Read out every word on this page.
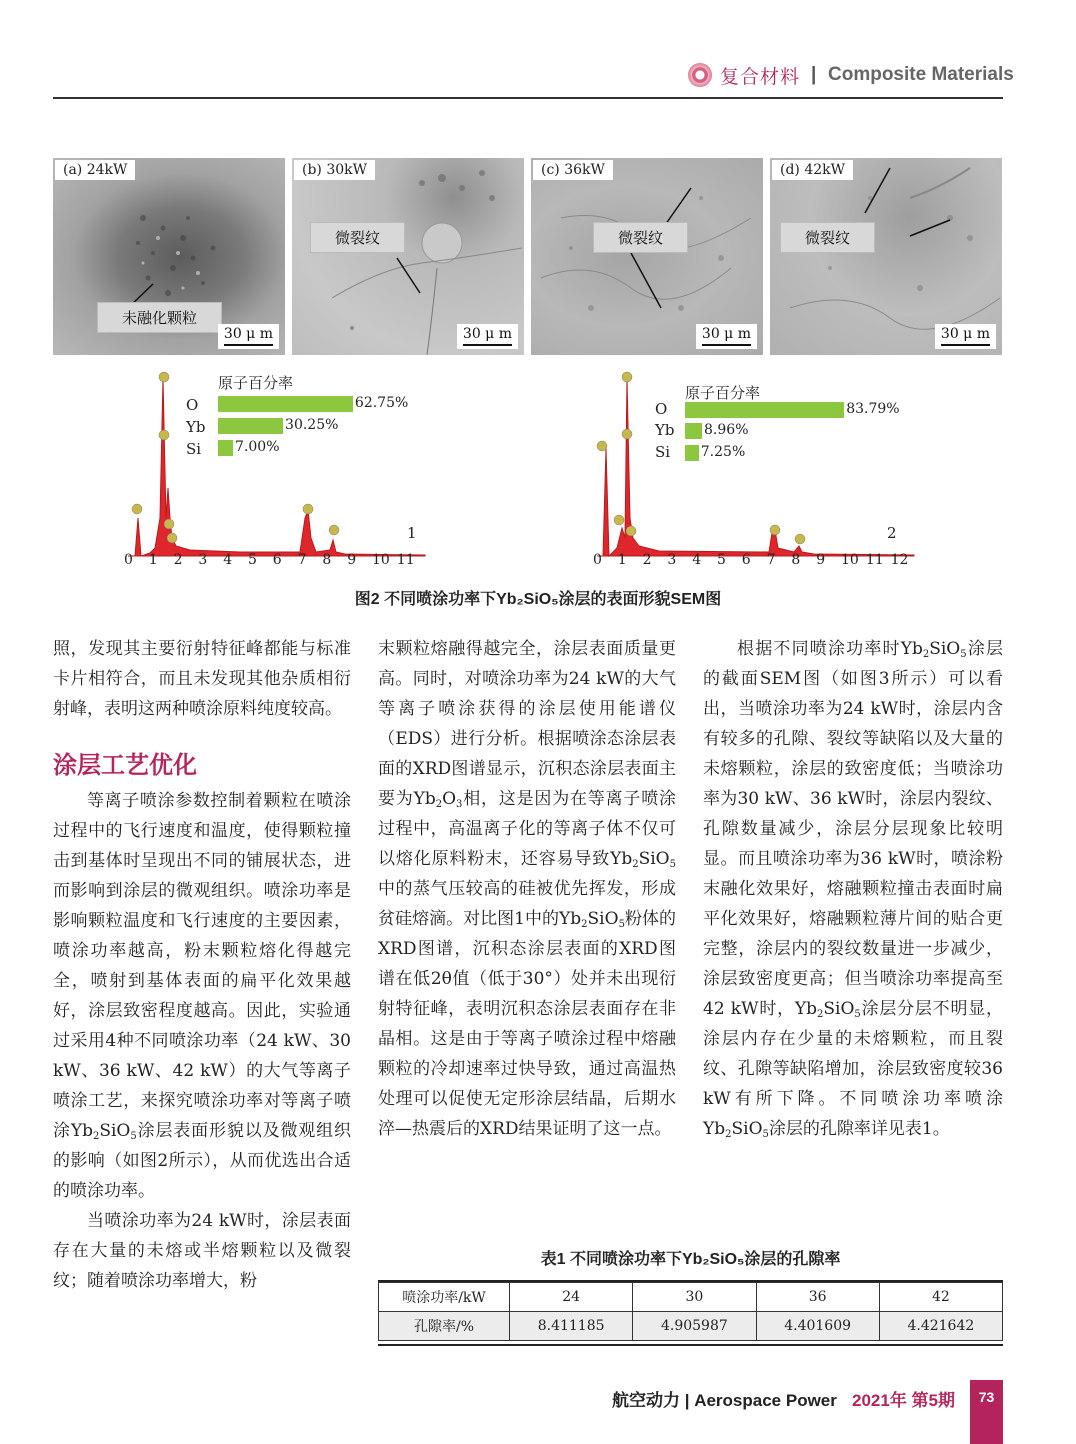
复合材料 | Composite Materials
(a) 24kW
未融化颗粒
30 μ m
(b) 30kW
微裂纹
30 μ m
(c) 36kW
微裂纹
30 μ m
(d) 42kW
微裂纹
30 μ m
原子百分率
O
Yb
Si
62.75%
30.25%
7.00%
1
0 1 2 3 4 5 6 7 8 9 10 11
原子百分率
O
Yb
Si
83.79%
8.96%
7.25%
2
0 1 2 3 4 5 6 7 8 9 10 11 12
图2 不同喷涂功率下Yb₂SiO₅涂层的表面形貌SEM图

照，发现其主要衍射特征峰都能与标准卡片相符合，而且未发现其他杂质相衍射峰，表明这两种喷涂原料纯度较高。

涂层工艺优化

等离子喷涂参数控制着颗粒在喷涂过程中的飞行速度和温度，使得颗粒撞击到基体时呈现出不同的铺展状态，进而影响到涂层的微观组织。喷涂功率是影响颗粒温度和飞行速度的主要因素，喷涂功率越高，粉末颗粒熔化得越完全，喷射到基体表面的扁平化效果越好，涂层致密程度越高。因此，实验通过采用4种不同喷涂功率（24 kW、30 kW、36 kW、42 kW）的大气等离子喷涂工艺，来探究喷涂功率对等离子喷涂$Yb_2SiO_5$涂层表面形貌以及微观组织的影响（如图2所示），从而优选出合适的喷涂功率。

当喷涂功率为24 kW时，涂层表面存在大量的未熔或半熔颗粒以及微裂纹；随着喷涂功率增大，粉

末颗粒熔融得越完全，涂层表面质量更高。同时，对喷涂功率为24 kW的大气等离子喷涂获得的涂层使用能谱仪（EDS）进行分析。根据喷涂态涂层表面的XRD图谱显示，沉积态涂层表面主要为$Yb_2O_3$相，这是因为在等离子喷涂过程中，高温离子化的等离子体不仅可以熔化原料粉末，还容易导致$Yb_2SiO_5$中的蒸气压较高的硅被优先挥发，形成贫硅熔滴。对比图1中的$Yb_2SiO_5$粉体的XRD图谱，沉积态涂层表面的XRD图谱在低2θ值（低于30°）处并未出现衍射特征峰，表明沉积态涂层表面存在非晶相。这是由于等离子喷涂过程中熔融颗粒的冷却速率过快导致，通过高温热处理可以促使无定形涂层结晶，后期水淬—热震后的XRD结果证明了这一点。

根据不同喷涂功率时$Yb_2SiO_5$涂层的截面SEM图（如图3所示）可以看出，当喷涂功率为24 kW时，涂层内含有较多的孔隙、裂纹等缺陷以及大量的未熔颗粒，涂层的致密度低；当喷涂功率为30 kW、36 kW时，涂层内裂纹、孔隙数量减少，涂层分层现象比较明显。而且喷涂功率为36 kW时，喷涂粉末融化效果好，熔融颗粒撞击表面时扁平化效果好，熔融颗粒薄片间的贴合更完整，涂层内的裂纹数量进一步减少，涂层致密度更高；但当喷涂功率提高至42 kW时，$Yb_2SiO_5$涂层分层不明显，涂层内存在少量的未熔颗粒，而且裂纹、孔隙等缺陷增加，涂层致密度较36 kW有所下降。不同喷涂功率喷涂$Yb_2SiO_5$涂层的孔隙率详见表1。

表1 不同喷涂功率下Yb₂SiO₅涂层的孔隙率
喷涂功率/kW	24	30	36	42
孔隙率/%	8.411185	4.905987	4.401609	4.421642
航空动力 | Aerospace Power 2021年 第5期	73
